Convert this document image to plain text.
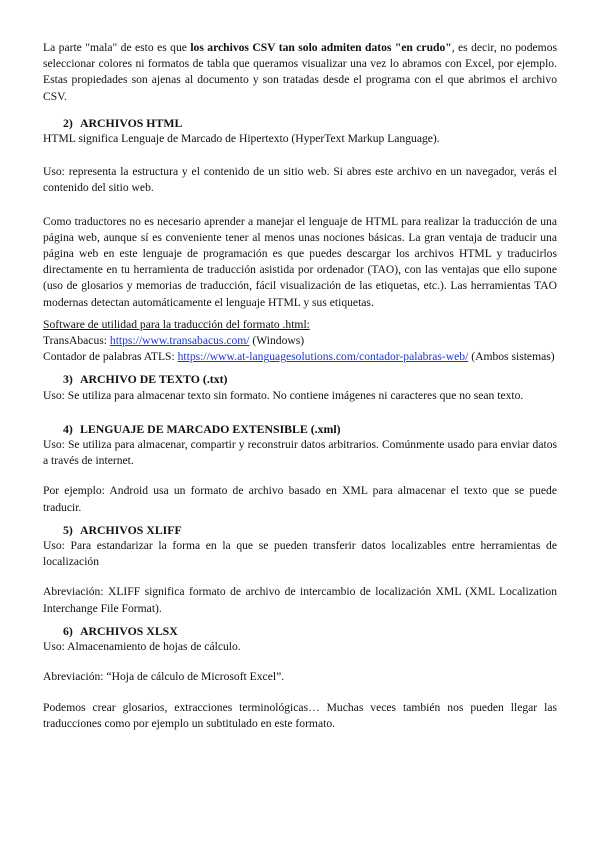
La parte "mala" de esto es que los archivos CSV tan solo admiten datos "en crudo", es decir, no podemos seleccionar colores ni formatos de tabla que queramos visualizar una vez lo abramos con Excel, por ejemplo. Estas propiedades son ajenas al documento y son tratadas desde el programa con el que abrimos el archivo CSV.

2) ARCHIVOS HTML

HTML significa Lenguaje de Marcado de Hipertexto (HyperText Markup Language).

Uso: representa la estructura y el contenido de un sitio web. Si abres este archivo en un navegador, verás el contenido del sitio web.

Como traductores no es necesario aprender a manejar el lenguaje de HTML para realizar la traducción de una página web, aunque sí es conveniente tener al menos unas nociones básicas. La gran ventaja de traducir una página web en este lenguaje de programación es que puedes descargar los archivos HTML y traducirlos directamente en tu herramienta de traducción asistida por ordenador (TAO), con las ventajas que ello supone (uso de glosarios y memorias de traducción, fácil visualización de las etiquetas, etc.). Las herramientas TAO modernas detectan automáticamente el lenguaje HTML y sus etiquetas.

Software de utilidad para la traducción del formato .html:

TransAbacus: https://www.transabacus.com/ (Windows)

Contador de palabras ATLS: https://www.at-languagesolutions.com/contador-palabras-web/ (Ambos sistemas)

3) ARCHIVO DE TEXTO (.txt)

Uso: Se utiliza para almacenar texto sin formato. No contiene imágenes ni caracteres que no sean texto.

4) LENGUAJE DE MARCADO EXTENSIBLE (.xml)

Uso: Se utiliza para almacenar, compartir y reconstruir datos arbitrarios. Comúnmente usado para enviar datos a través de internet.

Por ejemplo: Android usa un formato de archivo basado en XML para almacenar el texto que se puede traducir.

5) ARCHIVOS XLIFF

Uso: Para estandarizar la forma en la que se pueden transferir datos localizables entre herramientas de localización

Abreviación: XLIFF significa formato de archivo de intercambio de localización XML (XML Localization Interchange File Format).

6) ARCHIVOS XLSX

Uso: Almacenamiento de hojas de cálculo.

Abreviación: “Hoja de cálculo de Microsoft Excel”.

Podemos crear glosarios, extracciones terminológicas… Muchas veces también nos pueden llegar las traducciones como por ejemplo un subtitulado en este formato.
